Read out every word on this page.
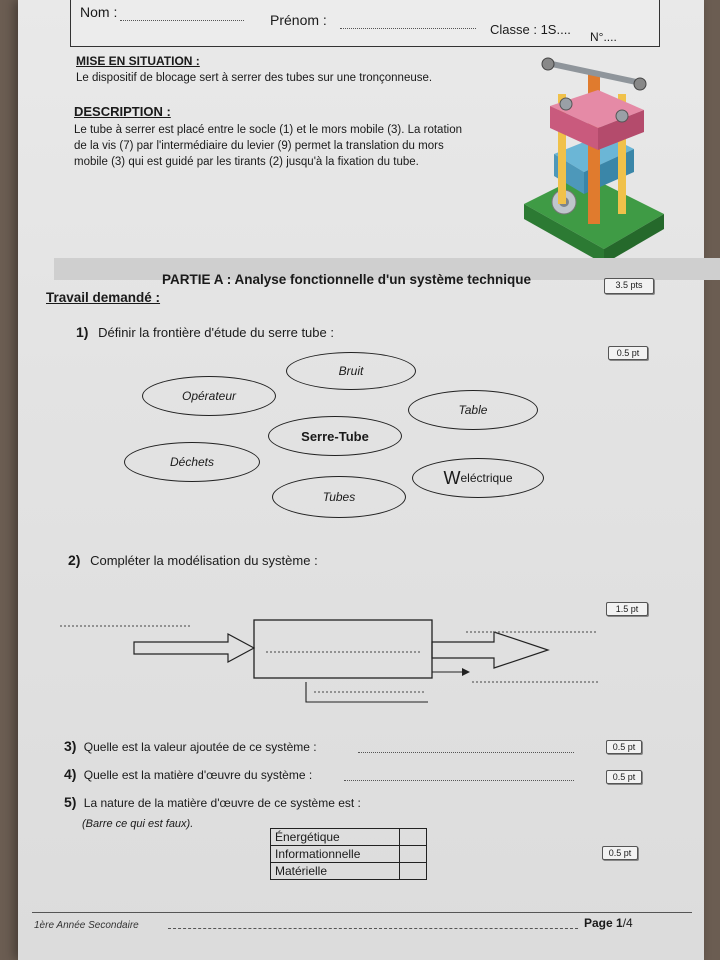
Nom :	Prénom :
Classe : 1S.... N°....
MISE EN SITUATION :
Le dispositif de blocage sert à serrer des tubes sur une tronçonneuse.
DESCRIPTION :
Le tube à serrer est placé entre le socle (1) et le mors mobile (3). La rotation
de la vis (7) par l'intermédiaire du levier (9) permet la translation du mors
mobile (3) qui est guidé par les tirants (2) jusqu'à la fixation du tube.
PARTIE A : Analyse fonctionnelle d'un système technique	3.5 pts
Travail demandé :
1) Définir la frontière d'étude du serre tube :
0.5 pt
Bruit
Opérateur
Table
Serre-Tube
Déchets
W eléctrique
Tubes
2) Compléter la modélisation du système :
1.5 pt
3) Quelle est la valeur ajoutée de ce système :	0.5 pt
4) Quelle est la matière d'œuvre du système :	0.5 pt
5) La nature de la matière d'œuvre de ce système est :
(Barre ce qui est faux).
Énergétique	
Informationnelle	
Matérielle	
0.5 pt
1ère Année Secondaire	Page 1/4
